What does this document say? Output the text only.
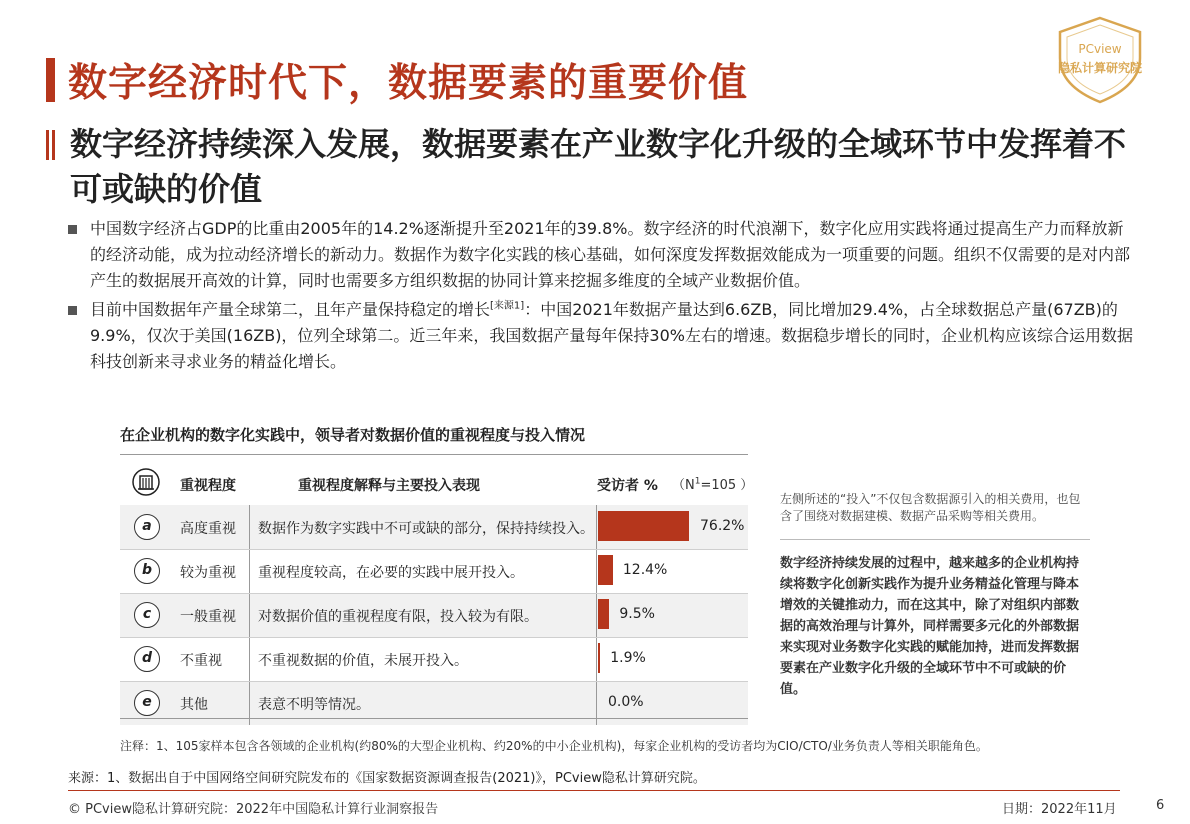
数字经济时代下，数据要素的重要价值
PCview
隐私计算研究院
数字经济持续深入发展，数据要素在产业数字化升级的全域环节中发挥着不可或缺的价值
中国数字经济占GDP的比重由2005年的14.2%逐渐提升至2021年的39.8%。数字经济的时代浪潮下，数字化应用实践将通过提高生产力而释放新的经济动能，成为拉动经济增长的新动力。数据作为数字化实践的核心基础，如何深度发挥数据效能成为一项重要的问题。组织不仅需要的是对内部产生的数据展开高效的计算，同时也需要多方组织数据的协同计算来挖掘多维度的全域产业数据价值。
目前中国数据年产量全球第二，且年产量保持稳定的增长[来源1]：中国2021年数据产量达到6.6ZB，同比增加29.4%，占全球数据总产量(67ZB)的9.9%，仅次于美国(16ZB)，位列全球第二。近三年来，我国数据产量每年保持30%左右的增速。数据稳步增长的同时，企业机构应该综合运用数据科技创新来寻求业务的精益化增长。
在企业机构的数字化实践中，领导者对数据价值的重视程度与投入情况
重视程度	重视程度解释与主要投入表现	受访者 % （$N^1=105$ ）
a	高度重视	数据作为数字实践中不可或缺的部分，保持持续投入。	76.2%
b	较为重视	重视程度较高，在必要的实践中展开投入。	12.4%
c	一般重视	对数据价值的重视程度有限，投入较为有限。	9.5%
d	不重视	不重视数据的价值，未展开投入。	1.9%
e	其他	表意不明等情况。	0.0%
左侧所述的“投入”不仅包含数据源引入的相关费用，也包含了围绕对数据建模、数据产品采购等相关费用。
数字经济持续发展的过程中，越来越多的企业机构持续将数字化创新实践作为提升业务精益化管理与降本增效的关键推动力，而在这其中，除了对组织内部数据的高效治理与计算外，同样需要多元化的外部数据来实现对业务数字化实践的赋能加持，进而发挥数据要素在产业数字化升级的全域环节中不可或缺的价值。
注释：1、105家样本包含各领域的企业机构(约80%的大型企业机构、约20%的中小企业机构)，每家企业机构的受访者均为CIO/CTO/业务负责人等相关职能角色。
来源：1、数据出自于中国网络空间研究院发布的《国家数据资源调查报告(2021)》，PCview隐私计算研究院。
© PCview隐私计算研究院：2022年中国隐私计算行业洞察报告	日期：2022年11月	6
